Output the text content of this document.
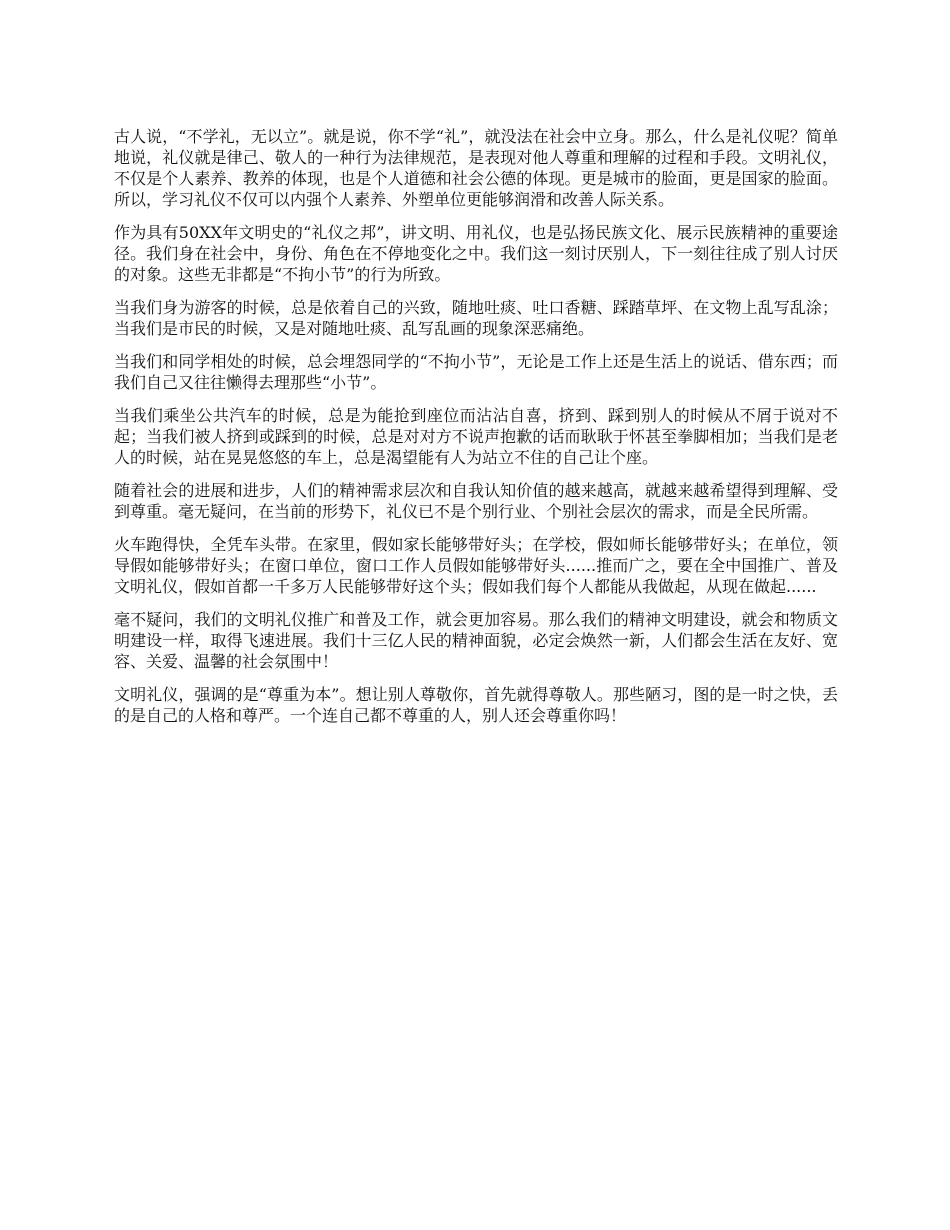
古人说，“不学礼，无以立”。就是说，你不学“礼”，就没法在社会中立身。那么，什么是礼仪呢？简单地说，礼仪就是律己、敬人的一种行为法律规范，是表现对他人尊重和理解的过程和手段。文明礼仪，不仅是个人素养、教养的体现，也是个人道德和社会公德的体现。更是城市的脸面，更是国家的脸面。所以，学习礼仪不仅可以内强个人素养、外塑单位更能够润滑和改善人际关系。

作为具有50XX年文明史的“礼仪之邦”，讲文明、用礼仪，也是弘扬民族文化、展示民族精神的重要途径。我们身在社会中，身份、角色在不停地变化之中。我们这一刻讨厌别人，下一刻往往成了别人讨厌的对象。这些无非都是“不拘小节”的行为所致。

当我们身为游客的时候，总是依着自己的兴致，随地吐痰、吐口香糖、踩踏草坪、在文物上乱写乱涂；当我们是市民的时候，又是对随地吐痰、乱写乱画的现象深恶痛绝。

当我们和同学相处的时候，总会埋怨同学的“不拘小节”，无论是工作上还是生活上的说话、借东西；而我们自己又往往懒得去理那些“小节”。

当我们乘坐公共汽车的时候，总是为能抢到座位而沾沾自喜，挤到、踩到别人的时候从不屑于说对不起；当我们被人挤到或踩到的时候，总是对对方不说声抱歉的话而耿耿于怀甚至拳脚相加；当我们是老人的时候，站在晃晃悠悠的车上，总是渴望能有人为站立不住的自己让个座。

随着社会的进展和进步，人们的精神需求层次和自我认知价值的越来越高，就越来越希望得到理解、受到尊重。毫无疑问，在当前的形势下，礼仪已不是个别行业、个别社会层次的需求，而是全民所需。

火车跑得快，全凭车头带。在家里，假如家长能够带好头；在学校，假如师长能够带好头；在单位，领导假如能够带好头；在窗口单位，窗口工作人员假如能够带好头......推而广之，要在全中国推广、普及文明礼仪，假如首都一千多万人民能够带好这个头；假如我们每个人都能从我做起，从现在做起......

毫不疑问，我们的文明礼仪推广和普及工作，就会更加容易。那么我们的精神文明建设，就会和物质文明建设一样，取得飞速进展。我们十三亿人民的精神面貌，必定会焕然一新，人们都会生活在友好、宽容、关爱、温馨的社会氛围中！

文明礼仪，强调的是“尊重为本”。想让别人尊敬你，首先就得尊敬人。那些陋习，图的是一时之快，丢的是自己的人格和尊严。一个连自己都不尊重的人，别人还会尊重你吗！
